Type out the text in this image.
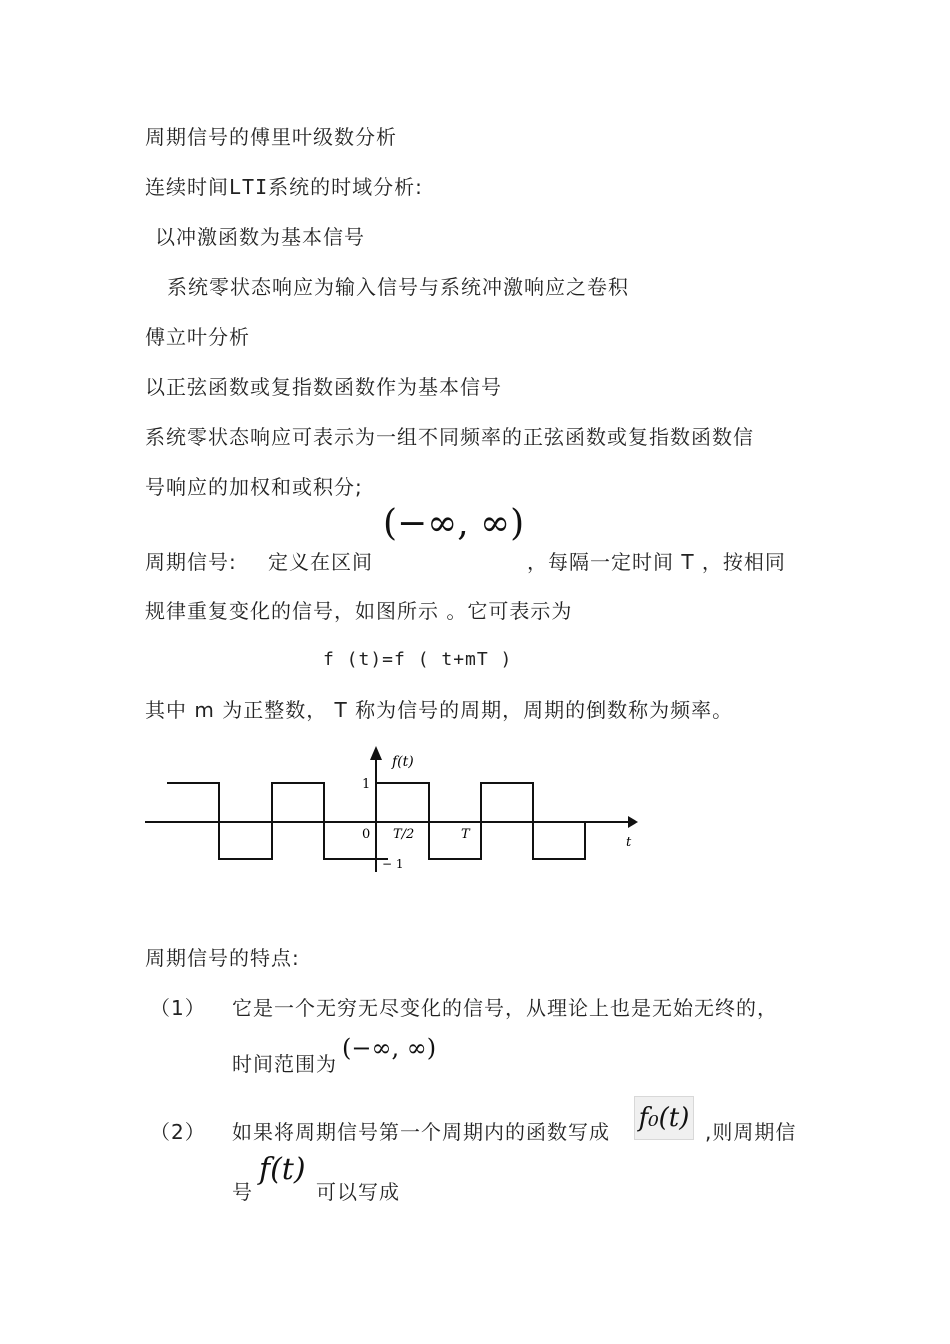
周期信号的傅里叶级数分析
连续时间LTI系统的时域分析:
以冲激函数为基本信号
系统零状态响应为输入信号与系统冲激响应之卷积
傅立叶分析
以正弦函数或复指数函数作为基本信号
系统零状态响应可表示为一组不同频率的正弦函数或复指数函数信
号响应的加权和或积分;
(−∞, ∞)
周期信号: 定义在区间	，每隔一定时间 T ，按相同
规律重复变化的信号，如图所示 。它可表示为
f (t)=f ( t+mT )
其中 m 为正整数， T 称为信号的周期，周期的倒数称为频率。
f(t)
t
1
0
− 1
T/2	T
周期信号的特点:
（1） 它是一个无穷无尽变化的信号，从理论上也是无始无终的，
时间范围为
(−∞, ∞)
（2） 如果将周期信号第一个周期内的函数写成 f₀(t) ,则周期信
号
f(t)
可以写成
